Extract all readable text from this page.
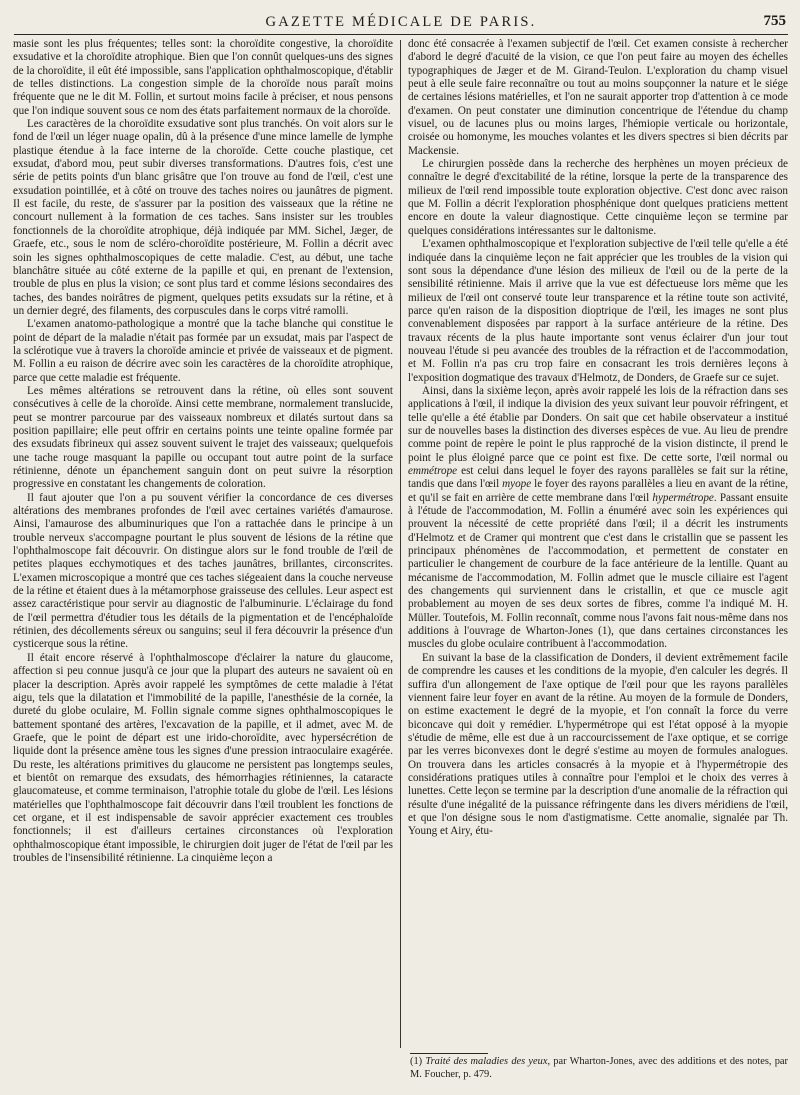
GAZETTE MÉDICALE DE PARIS.	755

masie sont les plus fréquentes; telles sont: la choroïdite congestive, la choroïdite exsudative et la choroïdite atrophique. Bien que l'on connût quelques-uns des signes de la choroïdite, il eût été impossible, sans l'application ophthalmoscopique, d'établir de telles distinctions. La congestion simple de la choroïde nous paraît moins fréquente que ne le dit M. Follin, et surtout moins facile à préciser, et nous pensons que l'on indique souvent sous ce nom des états parfaitement normaux de la choroïde.

Les caractères de la choroïdite exsudative sont plus tranchés. On voit alors sur le fond de l'œil un léger nuage opalin, dû à la présence d'une mince lamelle de lymphe plastique étendue à la face interne de la choroïde. Cette couche plastique, cet exsudat, d'abord mou, peut subir diverses transformations. D'autres fois, c'est une série de petits points d'un blanc grisâtre que l'on trouve au fond de l'œil, c'est une exsudation pointillée, et à côté on trouve des taches noires ou jaunâtres de pigment. Il est facile, du reste, de s'assurer par la position des vaisseaux que la rétine ne concourt nullement à la formation de ces taches. Sans insister sur les troubles fonctionnels de la choroïdite atrophique, déjà indiquée par MM. Sichel, Jæger, de Graefe, etc., sous le nom de scléro-choroïdite postérieure, M. Follin a décrit avec soin les signes ophthalmoscopiques de cette maladie. C'est, au début, une tache blanchâtre située au côté externe de la papille et qui, en prenant de l'extension, trouble de plus en plus la vision; ce sont plus tard et comme lésions secondaires des taches, des bandes noirâtres de pigment, quelques petits exsudats sur la rétine, et à un dernier degré, des filaments, des corpuscules dans le corps vitré ramolli.

L'examen anatomo-pathologique a montré que la tache blanche qui constitue le point de départ de la maladie n'était pas formée par un exsudat, mais par l'aspect de la sclérotique vue à travers la choroïde amincie et privée de vaisseaux et de pigment. M. Follin a eu raison de décrire avec soin les caractères de la choroïdite atrophique, parce que cette maladie est fréquente.

Les mêmes altérations se retrouvent dans la rétine, où elles sont souvent consécutives à celle de la choroïde. Ainsi cette membrane, normalement translucide, peut se montrer parcourue par des vaisseaux nombreux et dilatés surtout dans sa position papillaire; elle peut offrir en certains points une teinte opaline formée par des exsudats fibrineux qui assez souvent suivent le trajet des vaisseaux; quelquefois une tache rouge masquant la papille ou occupant tout autre point de la surface rétinienne, dénote un épanchement sanguin dont on peut suivre la résorption progressive en constatant les changements de coloration.

Il faut ajouter que l'on a pu souvent vérifier la concordance de ces diverses altérations des membranes profondes de l'œil avec certaines variétés d'amaurose. Ainsi, l'amaurose des albuminuriques que l'on a rattachée dans le principe à un trouble nerveux s'accompagne pourtant le plus souvent de lésions de la rétine que l'ophthalmoscope fait découvrir. On distingue alors sur le fond trouble de l'œil de petites plaques ecchymotiques et des taches jaunâtres, brillantes, circonscrites. L'examen microscopique a montré que ces taches siégeaient dans la couche nerveuse de la rétine et étaient dues à la métamorphose graisseuse des cellules. Leur aspect est assez caractéristique pour servir au diagnostic de l'albuminurie. L'éclairage du fond de l'œil permettra d'étudier tous les détails de la pigmentation et de l'encéphaloïde rétinien, des décollements séreux ou sanguins; seul il fera découvrir la présence d'un cysticerque sous la rétine.

Il était encore réservé à l'ophthalmoscope d'éclairer la nature du glaucome, affection si peu connue jusqu'à ce jour que la plupart des auteurs ne savaient où en placer la description. Après avoir rappelé les symptômes de cette maladie à l'état aigu, tels que la dilatation et l'immobilité de la papille, l'anesthésie de la cornée, la dureté du globe oculaire, M. Follin signale comme signes ophthalmoscopiques le battement spontané des artères, l'excavation de la papille, et il admet, avec M. de Graefe, que le point de départ est une irido-choroïdite, avec hypersécrétion de liquide dont la présence amène tous les signes d'une pression intraoculaire exagérée. Du reste, les altérations primitives du glaucome ne persistent pas longtemps seules, et bientôt on remarque des exsudats, des hémorrhagies rétiniennes, la cataracte glaucomateuse, et comme terminaison, l'atrophie totale du globe de l'œil. Les lésions matérielles que l'ophthalmoscope fait découvrir dans l'œil troublent les fonctions de cet organe, et il est indispensable de savoir apprécier exactement ces troubles fonctionnels; il est d'ailleurs certaines circonstances où l'exploration ophthalmoscopique étant impossible, le chirurgien doit juger de l'état de l'œil par les troubles de l'insensibilité rétinienne. La cinquième leçon a

donc été consacrée à l'examen subjectif de l'œil. Cet examen consiste à rechercher d'abord le degré d'acuité de la vision, ce que l'on peut faire au moyen des échelles typographiques de Jæger et de M. Girand-Teulon. L'exploration du champ visuel peut à elle seule faire reconnaître ou tout au moins soupçonner la nature et le siége de certaines lésions matérielles, et l'on ne saurait apporter trop d'attention à ce mode d'examen. On peut constater une diminution concentrique de l'étendue du champ visuel, ou de lacunes plus ou moins larges, l'hémiopie verticale ou horizontale, croisée ou homonyme, les mouches volantes et les divers spectres si bien décrits par Mackensie.

Le chirurgien possède dans la recherche des herphènes un moyen précieux de connaître le degré d'excitabilité de la rétine, lorsque la perte de la transparence des milieux de l'œil rend impossible toute exploration objective. C'est donc avec raison que M. Follin a décrit l'exploration phosphénique dont quelques praticiens mettent encore en doute la valeur diagnostique. Cette cinquième leçon se termine par quelques considérations intéressantes sur le daltonisme.

L'examen ophthalmoscopique et l'exploration subjective de l'œil telle qu'elle a été indiquée dans la cinquième leçon ne fait apprécier que les troubles de la vision qui sont sous la dépendance d'une lésion des milieux de l'œil ou de la perte de la sensibilité rétinienne. Mais il arrive que la vue est défectueuse lors même que les milieux de l'œil ont conservé toute leur transparence et la rétine toute son activité, parce qu'en raison de la disposition dioptrique de l'œil, les images ne sont plus convenablement disposées par rapport à la surface antérieure de la rétine. Des travaux récents de la plus haute importante sont venus éclairer d'un jour tout nouveau l'étude si peu avancée des troubles de la réfraction et de l'accommodation, et M. Follin n'a pas cru trop faire en consacrant les trois dernières leçons à l'exposition dogmatique des travaux d'Helmotz, de Donders, de Graefe sur ce sujet.

Ainsi, dans la sixième leçon, après avoir rappelé les lois de la réfraction dans ses applications à l'œil, il indique la division des yeux suivant leur pouvoir réfringent, et telle qu'elle a été établie par Donders. On sait que cet habile observateur a institué sur de nouvelles bases la distinction des diverses espèces de vue. Au lieu de prendre comme point de repère le point le plus rapproché de la vision distincte, il prend le point le plus éloigné parce que ce point est fixe. De cette sorte, l'œil normal ou emmétrope est celui dans lequel le foyer des rayons parallèles se fait sur la rétine, tandis que dans l'œil myope le foyer des rayons parallèles a lieu en avant de la rétine, et qu'il se fait en arrière de cette membrane dans l'œil hypermétrope. Passant ensuite à l'étude de l'accommodation, M. Follin a énuméré avec soin les expériences qui prouvent la nécessité de cette propriété dans l'œil; il a décrit les instruments d'Helmotz et de Cramer qui montrent que c'est dans le cristallin que se passent les principaux phénomènes de l'accommodation, et permettent de constater en particulier le changement de courbure de la face antérieure de la lentille. Quant au mécanisme de l'accommodation, M. Follin admet que le muscle ciliaire est l'agent des changements qui surviennent dans le cristallin, et que ce muscle agit probablement au moyen de ses deux sortes de fibres, comme l'a indiqué M. H. Müller. Toutefois, M. Follin reconnaît, comme nous l'avons fait nous-même dans nos additions à l'ouvrage de Wharton-Jones (1), que dans certaines circonstances les muscles du globe oculaire contribuent à l'accommodation.

En suivant la base de la classification de Donders, il devient extrêmement facile de comprendre les causes et les conditions de la myopie, d'en calculer les degrés. Il suffira d'un allongement de l'axe optique de l'œil pour que les rayons parallèles viennent faire leur foyer en avant de la rétine. Au moyen de la formule de Donders, on estime exactement le degré de la myopie, et l'on connaît la force du verre biconcave qui doit y remédier. L'hypermétrope qui est l'état opposé à la myopie s'étudie de même, elle est due à un raccourcissement de l'axe optique, et se corrige par les verres biconvexes dont le degré s'estime au moyen de formules analogues. On trouvera dans les articles consacrés à la myopie et à l'hypermétropie des considérations pratiques utiles à connaître pour l'emploi et le choix des verres à lunettes. Cette leçon se termine par la description d'une anomalie de la réfraction qui résulte d'une inégalité de la puissance réfringente dans les divers méridiens de l'œil, et que l'on désigne sous le nom d'astigmatisme. Cette anomalie, signalée par Th. Young et Airy, étu-

(1) Traité des maladies des yeux, par Wharton-Jones, avec des additions et des notes, par M. Foucher, p. 479.
